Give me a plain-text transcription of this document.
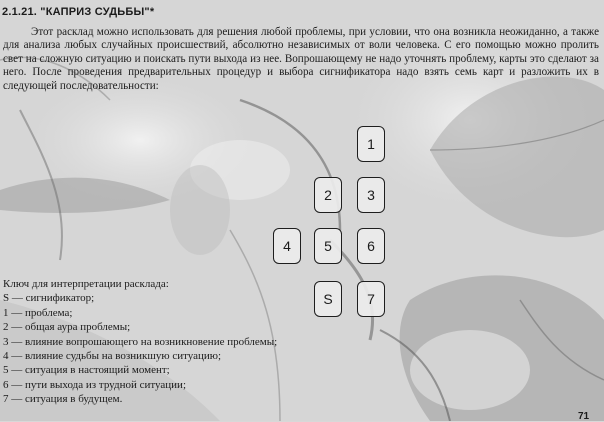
2.1.21. "КАПРИЗ СУДЬБЫ"*
Этот расклад можно использовать для решения любой проблемы, при условии, что она возникла неожиданно, а также для анализа любых случайных происшествий, абсолютно независимых от воли человека. С его помощью можно пролить свет на сложную ситуацию и поискать пути выхода из нее. Вопрошающему не надо уточнять проблему, карты это сделают за него. После проведения предварительных процедур и выбора сигнификатора надо взять семь карт и разложить их в следующей последовательности:
1
2	3
4	5	6
S	7
Ключ для интерпретации расклада:
S — сигнификатор;
1 — проблема;
2 — общая аура проблемы;
3 — влияние вопрошающего на возникновение проблемы;
4 — влияние судьбы на возникшую ситуацию;
5 — ситуация в настоящий момент;
6 — пути выхода из трудной ситуации;
7 — ситуация в будущем.
71
